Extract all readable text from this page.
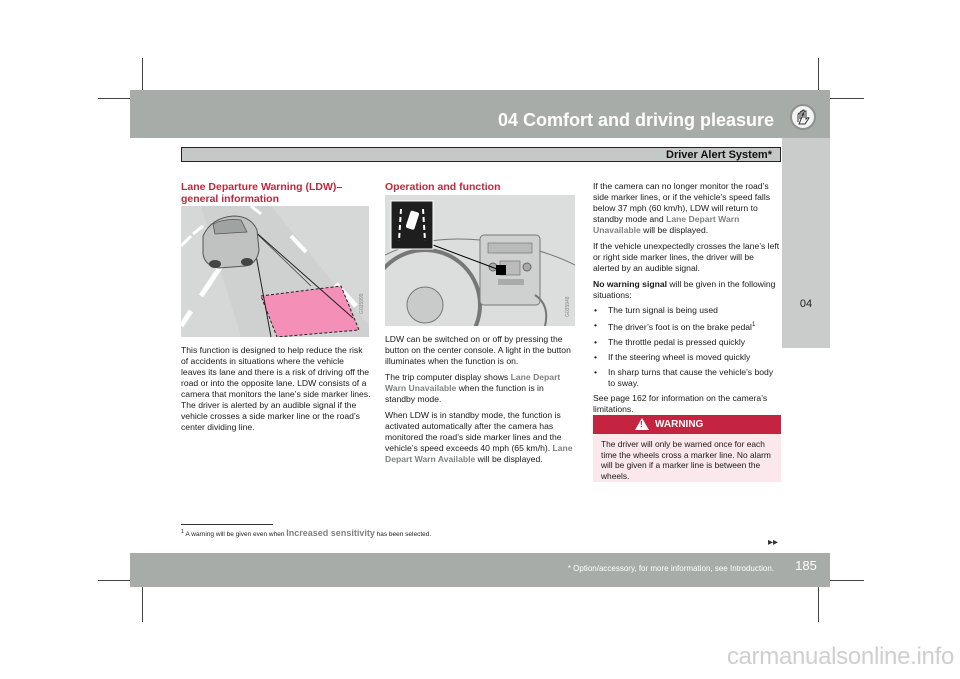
04 Comfort and driving pleasure
04
Driver Alert System*
Lane Departure Warning (LDW)– general information
G035999

This function is designed to help reduce the risk of accidents in situations where the vehicle leaves its lane and there is a risk of driving off the road or into the opposite lane. LDW consists of a camera that monitors the lane’s side marker lines. The driver is alerted by an audible signal if the vehicle crosses a side marker line or the road’s center dividing line.

Operation and function
G035948

LDW can be switched on or off by pressing the button on the center console. A light in the button illuminates when the function is on.

The trip computer display shows Lane Depart Warn Unavailable when the function is in standby mode.

When LDW is in standby mode, the function is activated automatically after the camera has monitored the road’s side marker lines and the vehicle’s speed exceeds 40 mph (65 km/h). Lane Depart Warn Available will be displayed.

If the camera can no longer monitor the road’s side marker lines, or if the vehicle’s speed falls below 37 mph (60 km/h), LDW will return to standby mode and Lane Depart Warn Unavailable will be displayed.

If the vehicle unexpectedly crosses the lane’s left or right side marker lines, the driver will be alerted by an audible signal.

No warning signal will be given in the following situations:

• The turn signal is being used
• The driver’s foot is on the brake pedal$^1$
• The throttle pedal is pressed quickly
• If the steering wheel is moved quickly
• In sharp turns that cause the vehicle’s body to sway.

See page 162 for information on the camera’s limitations.

! WARNING
The driver will only be warned once for each time the wheels cross a marker line. No alarm will be given if a marker line is between the wheels.
$^1$ A warning will be given even when Increased sensitivity has been selected.
▸▸
* Option/accessory, for more information, see Introduction.	185
carmanualsonline.info
